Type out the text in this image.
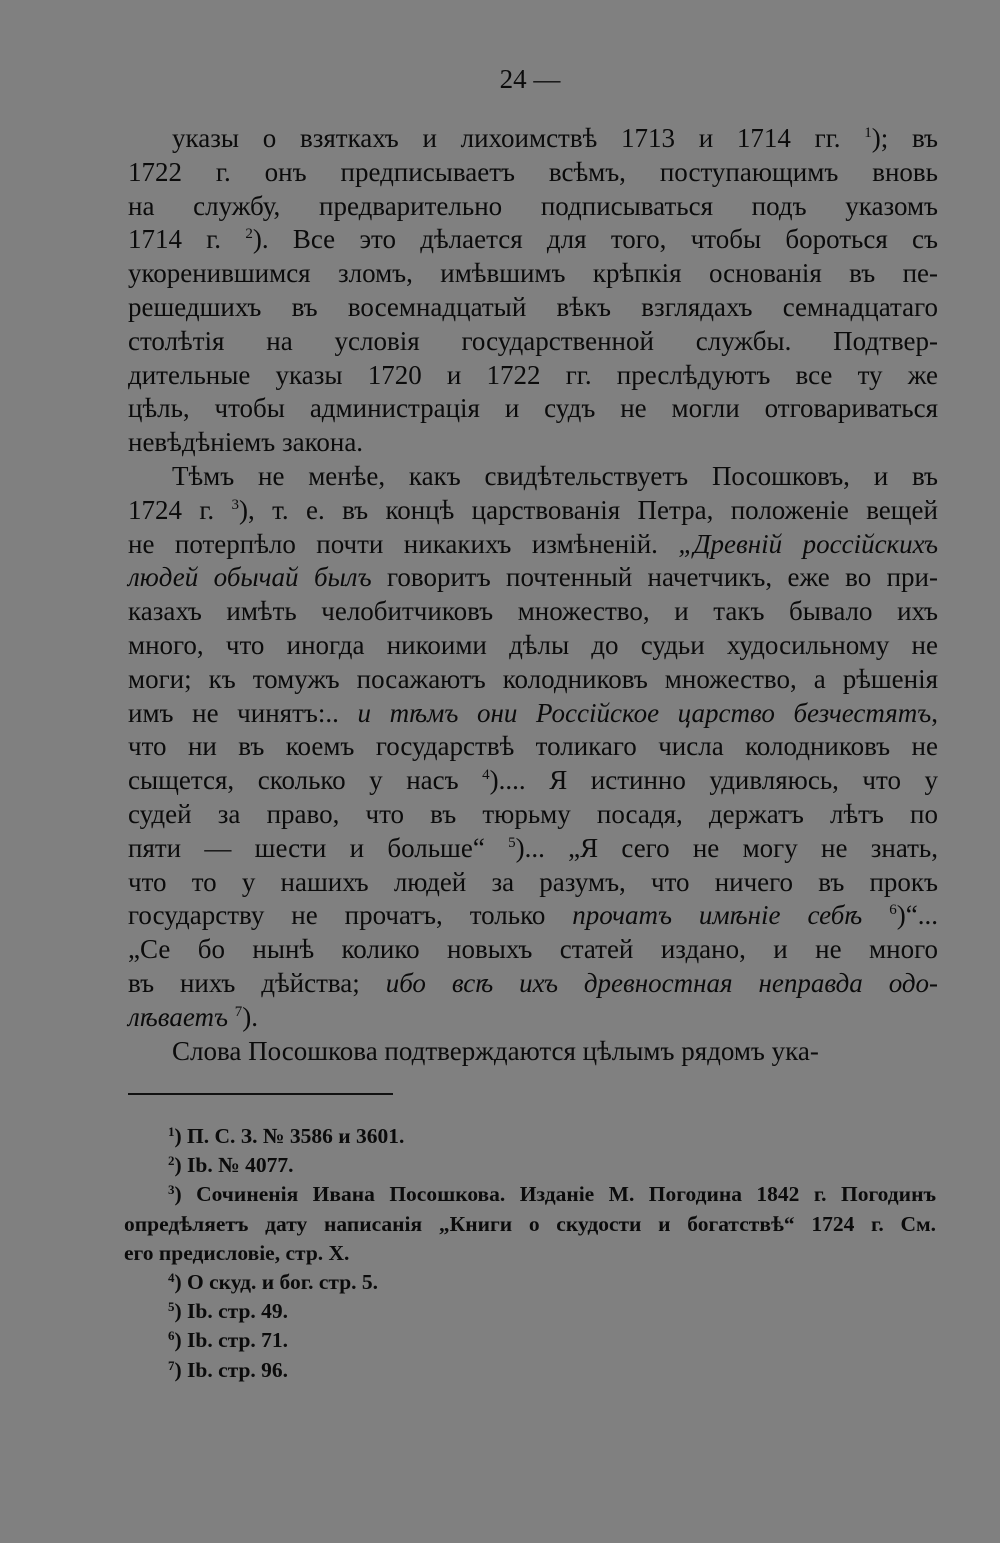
24 —
указы о взяткахъ и лихоимствѣ 1713 и 1714 гг. $^1$); въ
1722 г. онъ предписываетъ всѣмъ, поступающимъ вновь
на службу, предварительно подписываться подъ указомъ
1714 г. $^2$). Все это дѣлается для того, чтобы бороться съ
укоренившимся зломъ, имѣвшимъ крѣпкія основанія въ пе-
решедшихъ въ восемнадцатый вѣкъ взглядахъ семнадцатаго
столѣтія на условія государственной службы. Подтвер-
дительные указы 1720 и 1722 гг. преслѣдуютъ все ту же
цѣль, чтобы администрація и судъ не могли отговариваться
невѣдѣніемъ закона.
Тѣмъ не менѣе, какъ свидѣтельствуетъ Посошковъ, и въ
1724 г. $^3$), т. е. въ концѣ царствованія Петра, положеніе вещей
не потерпѣло почти никакихъ измѣненій. „Древній россійскихъ
людей обычай былъ говоритъ почтенный начетчикъ, еже во при-
казахъ имѣть челобитчиковъ множество, и такъ бывало ихъ
много, что иногда никоими дѣлы до судьи худосильному не
моги; къ томужъ посажаютъ колодниковъ множество, а рѣшенія
имъ не чинятъ:.. и тѣмъ они Россійское царство безчестятъ,
что ни въ коемъ государствѣ толикаго числа колодниковъ не
сыщется, сколько у насъ $^4$).... Я истинно удивляюсь, что у
судей за право, что въ тюрьму посадя, держатъ лѣтъ по
пяти — шести и больше“ $^5$)... „Я сего не могу не знать,
что то у нашихъ людей за разумъ, что ничего въ прокъ
государству не прочатъ, только прочатъ имѣніе себѣ $^6$)“...
„Се бо нынѣ колико новыхъ статей издано, и не много
въ нихъ дѣйства; ибо всѣ ихъ древностная неправда одо-
лѣваетъ $^7$).
Слова Посошкова подтверждаются цѣлымъ рядомъ ука-
$^1$) П. С. З. № 3586 и 3601.
$^2$) Ib. № 4077.
$^3$) Сочиненія Ивана Посошкова. Изданіе М. Погодина 1842 г. Погодинъ
опредѣляетъ дату написанія „Книги о скудости и богатствѣ“ 1724 г. См.
его предисловіе, стр. X.
$^4$) О скуд. и бог. стр. 5.
$^5$) Ib. стр. 49.
$^6$) Ib. стр. 71.
$^7$) Ib. стр. 96.
